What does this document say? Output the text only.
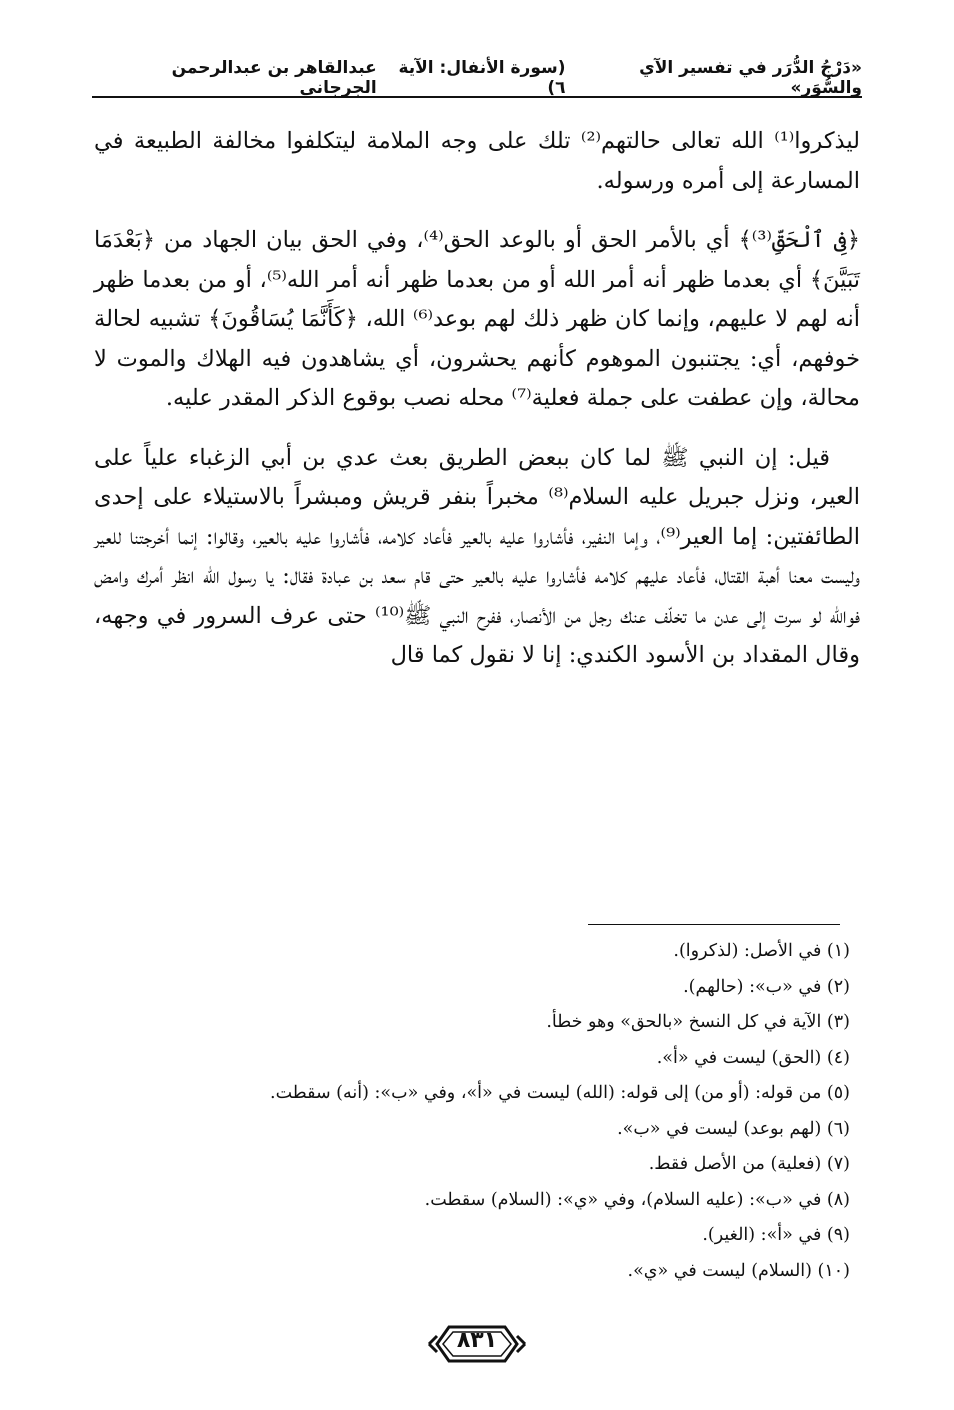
«دَرْجُ الدُّرَر في تفسير الآي والسُّوَر»
(سورة الأنفال: الآية ٦)
عبدالقاهر بن عبدالرحمن الجرجاني

ليذكروا⁽¹⁾ الله تعالى حالتهم⁽²⁾ تلك على وجه الملامة ليتكلفوا مخالفة الطبيعة في المسارعة إلى أمره ورسوله.

﴿فِى ٱلْحَقِّ⁽³⁾﴾ أي بالأمر الحق أو بالوعد الحق⁽⁴⁾، وفي الحق بيان الجهاد من ﴿بَعْدَمَا تَبَيَّنَ﴾ أي بعدما ظهر أنه أمر الله أو من بعدما ظهر أنه أمر الله⁽⁵⁾، أو من بعدما ظهر أنه لهم لا عليهم، وإنما كان ظهر ذلك لهم بوعد⁽⁶⁾ الله، ﴿كَأَنَّمَا يُسَاقُونَ﴾ تشبيه لحالة خوفهم، أي: يجتنبون الموهوم كأنهم يحشرون، أي يشاهدون فيه الهلاك والموت لا محالة، وإن عطفت على جملة فعلية⁽⁷⁾ محله نصب بوقوع الذكر المقدر عليه.

قيل: إن النبي ﷺ لما كان ببعض الطريق بعث عدي بن أبي الزغباء علياً على العير، ونزل جبريل عليه السلام⁽⁸⁾ مخبراً بنفر قريش ومبشراً بالاستيلاء على إحدى الطائفتين: إما العير⁽⁹⁾، وإما النفير، فأشاروا عليه بالعير فأعاد كلامه، فأشاروا عليه بالعير، وقالوا: إنما أخرجتنا للعير وليست معنا أهبة القتال، فأعاد عليهم كلامه فأشاروا عليه بالعير حتى قام سعد بن عبادة فقال: يا رسول الله انظر أمرك وامض فوالله لو سرت إلى عدن ما تخلّف عنك رجل من الأنصار، ففرح النبي ﷺ⁽¹⁰⁾ حتى عرف السرور في وجهه، وقال المقداد بن الأسود الكندي: إنا لا نقول كما قال

(١) في الأصل: (لذكروا).
(٢) في «ب»: (حالهم).
(٣) الآية في كل النسخ «بالحق» وهو خطأ.
(٤) (الحق) ليست في «أ».
(٥) من قوله: (أو من) إلى قوله: (الله) ليست في «أ»، وفي «ب»: (أنه) سقطت.
(٦) (لهم بوعد) ليست في «ب».
(٧) (فعلية) من الأصل فقط.
(٨) في «ب»: (عليه السلام)، وفي «ي»: (السلام) سقطت.
(٩) في «أ»: (الغير).
(١٠) (السلام) ليست في «ي».
٨٣١
